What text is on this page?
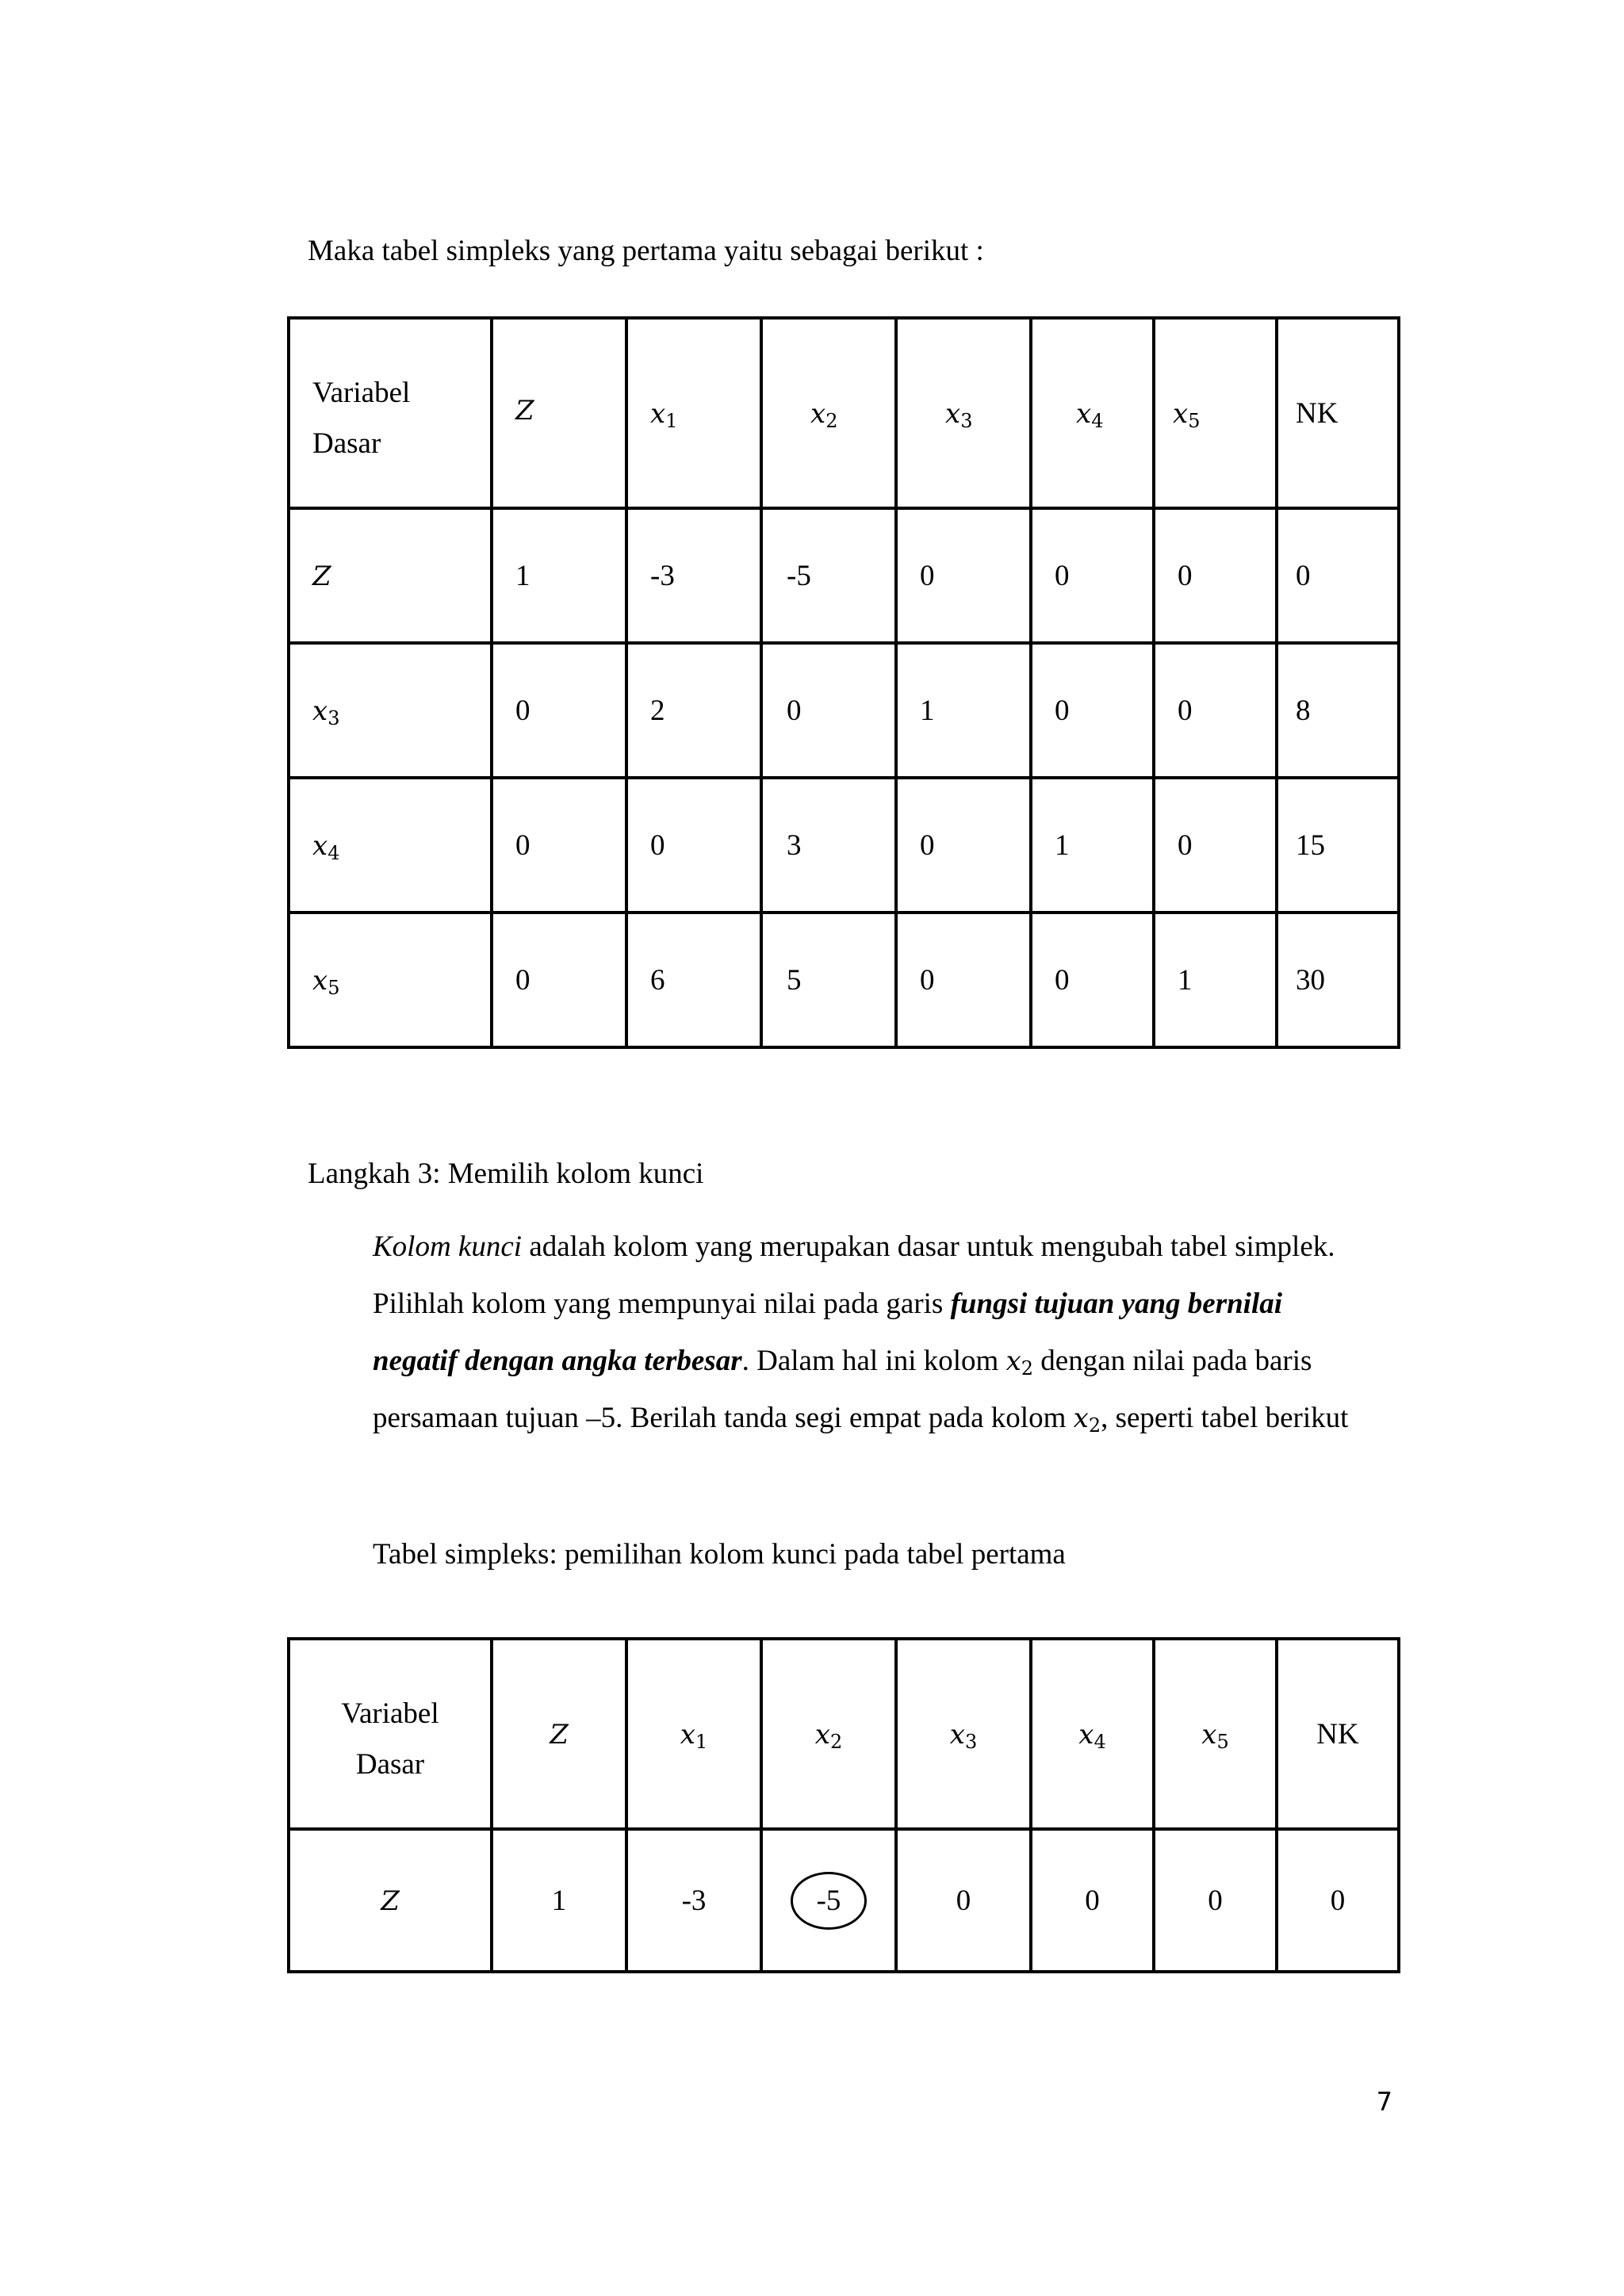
Maka tabel simpleks yang pertama yaitu sebagai berikut :
Variabel
Dasar	Z	$x_1$	$x_2$	$x_3$	$x_4$	$x_5$	NK
Z	1	-3	-5	0	0	0	0
$x_3$	0	2	0	1	0	0	8
$x_4$	0	0	3	0	1	0	15
$x_5$	0	6	5	0	0	1	30
Langkah 3: Memilih kolom kunci

Kolom kunci adalah kolom yang merupakan dasar untuk mengubah tabel simplek. Pilihlah kolom yang mempunyai nilai pada garis fungsi tujuan yang bernilai negatif dengan angka terbesar. Dalam hal ini kolom $x_2$ dengan nilai pada baris persamaan tujuan –5. Berilah tanda segi empat pada kolom $x_2$, seperti tabel berikut

Tabel simpleks: pemilihan kolom kunci pada tabel pertama
Variabel
Dasar	Z	$x_1$	$x_2$	$x_3$	$x_4$	$x_5$	NK
Z	1	-3	-5	0	0	0	0
7
